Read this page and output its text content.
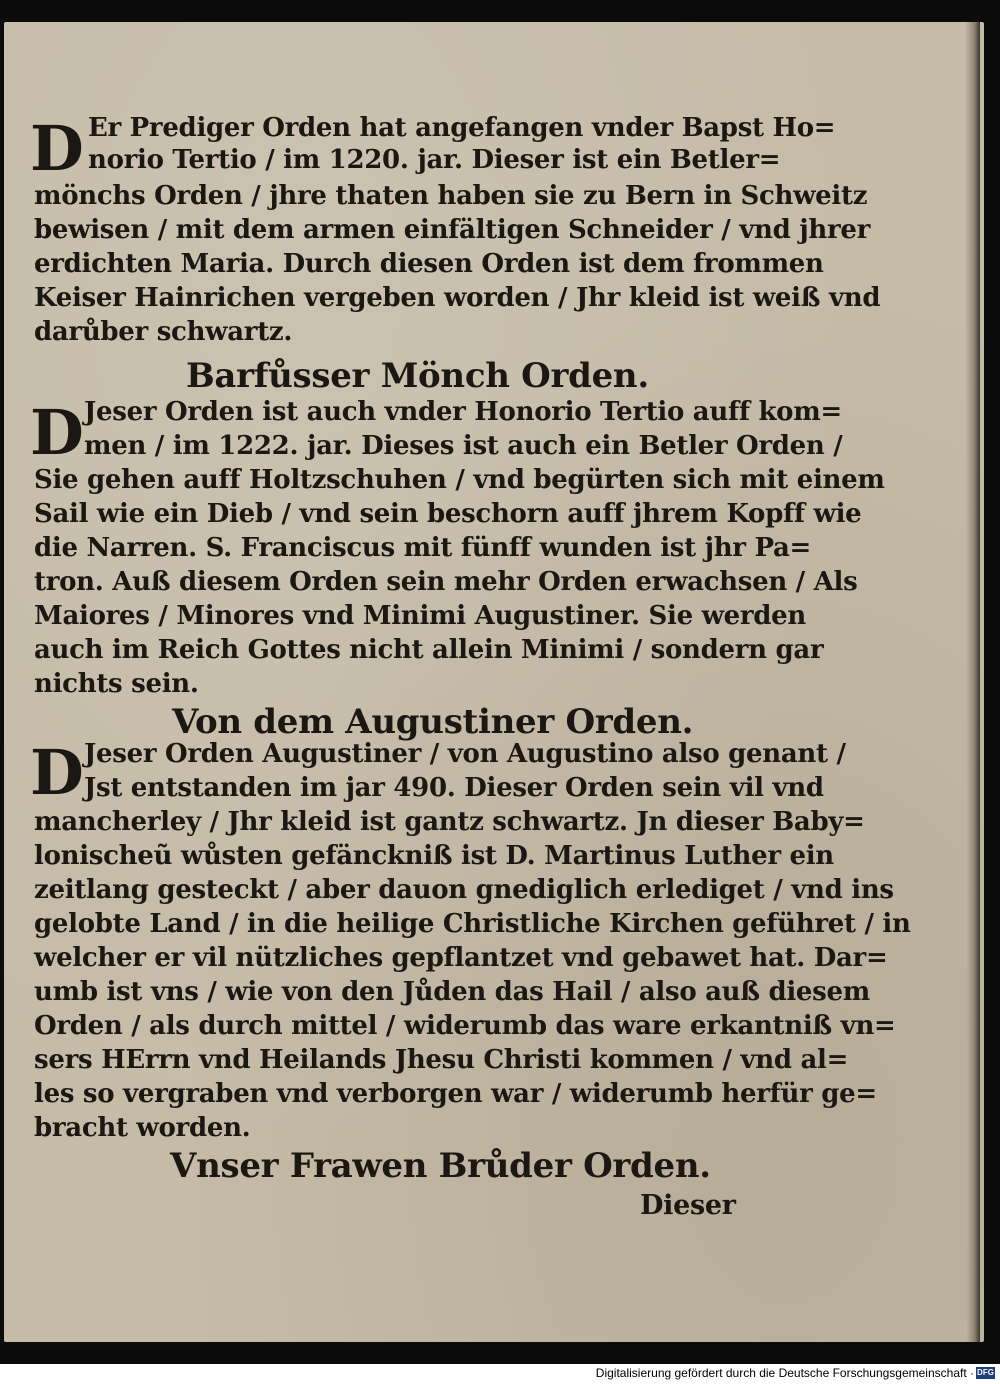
D Er Prediger Orden hat angefangen vnder Bapst Ho=
norio Tertio / im 1220. jar. Dieser ist ein Betler=
mönchs Orden / jhre thaten haben sie zu Bern in Schweitz
bewisen / mit dem armen einfältigen Schneider / vnd jhrer
erdichten Maria. Durch diesen Orden ist dem frommen
Keiser Hainrichen vergeben worden / Jhr kleid ist weiß vnd
darůber schwartz.
Barfůsser Mönch Orden.
D Jeser Orden ist auch vnder Honorio Tertio auff kom=
men / im 1222. jar. Dieses ist auch ein Betler Orden /
Sie gehen auff Holtzschuhen / vnd begürten sich mit einem
Sail wie ein Dieb / vnd sein beschorn auff jhrem Kopff wie
die Narren. S. Franciscus mit fünff wunden ist jhr Pa=
tron. Auß diesem Orden sein mehr Orden erwachsen / Als
Maiores / Minores vnd Minimi Augustiner. Sie werden
auch im Reich Gottes nicht allein Minimi / sondern gar
nichts sein.
Von dem Augustiner Orden.
D Jeser Orden Augustiner / von Augustino also genant /
Jst entstanden im jar 490. Dieser Orden sein vil vnd
mancherley / Jhr kleid ist gantz schwartz. Jn dieser Baby=
lonischeũ wůsten gefänckniß ist D. Martinus Luther ein
zeitlang gesteckt / aber dauon gnediglich erlediget / vnd ins
gelobte Land / in die heilige Christliche Kirchen geführet / in
welcher er vil nützliches gepflantzet vnd gebawet hat. Dar=
umb ist vns / wie von den Jůden das Hail / also auß diesem
Orden / als durch mittel / widerumb das ware erkantniß vn=
sers HErrn vnd Heilands Jhesu Christi kommen / vnd al=
les so vergraben vnd verborgen war / widerumb herfür ge=
bracht worden.
Vnser Frawen Brůder Orden.
Dieser
Digitalisierung gefördert durch die Deutsche Forschungsgemeinschaft · DFG
